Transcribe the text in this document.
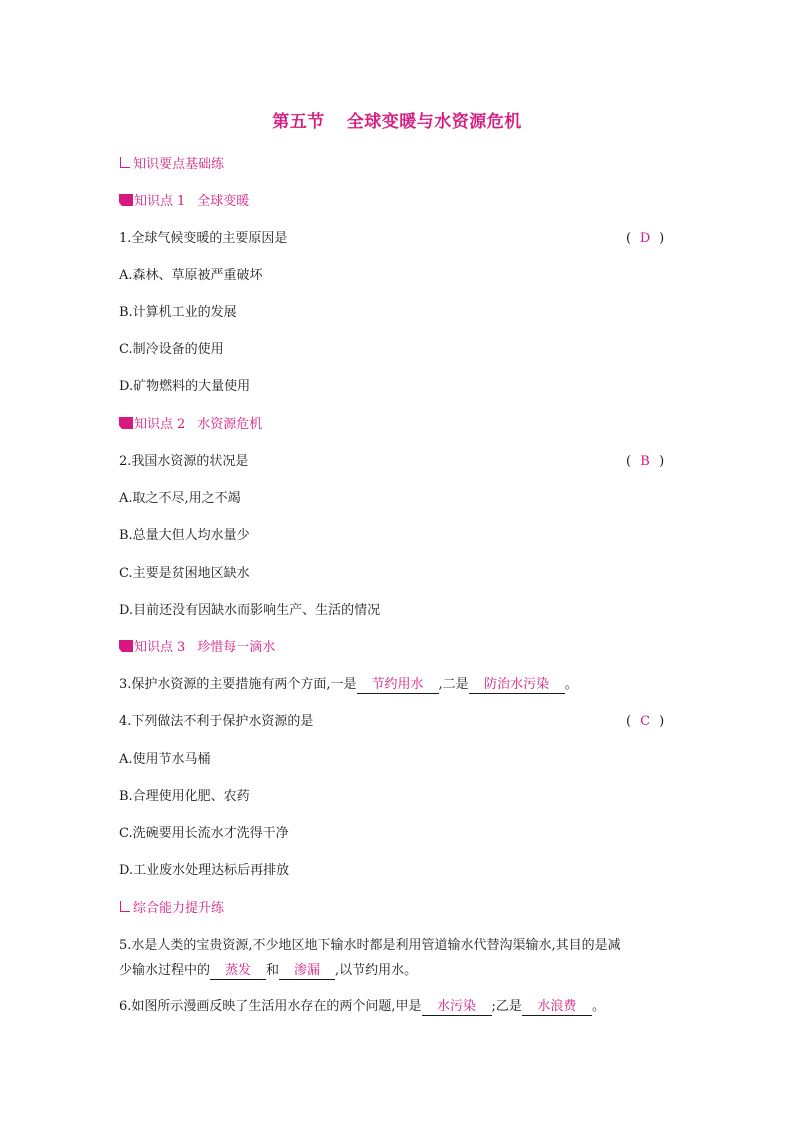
第五节 全球变暖与水资源危机
知识要点基础练
知识点 1 全球变暖
1.全球气候变暖的主要原因是	( D )
A.森林、草原被严重破坏
B.计算机工业的发展
C.制冷设备的使用
D.矿物燃料的大量使用
知识点 2 水资源危机
2.我国水资源的状况是	( B )
A.取之不尽,用之不竭
B.总量大但人均水量少
C.主要是贫困地区缺水
D.目前还没有因缺水而影响生产、生活的情况
知识点 3 珍惜每一滴水
3.保护水资源的主要措施有两个方面,一是 节约用水 ,二是 防治水污染 。
4.下列做法不利于保护水资源的是	( C )
A.使用节水马桶
B.合理使用化肥、农药
C.洗碗要用长流水才洗得干净
D.工业废水处理达标后再排放
综合能力提升练
5.水是人类的宝贵资源,不少地区地下输水时都是利用管道输水代替沟渠输水,其目的是减
少输水过程中的 蒸发 和 渗漏 ,以节约用水。
6.如图所示漫画反映了生活用水存在的两个问题,甲是 水污染 ;乙是 水浪费 。
